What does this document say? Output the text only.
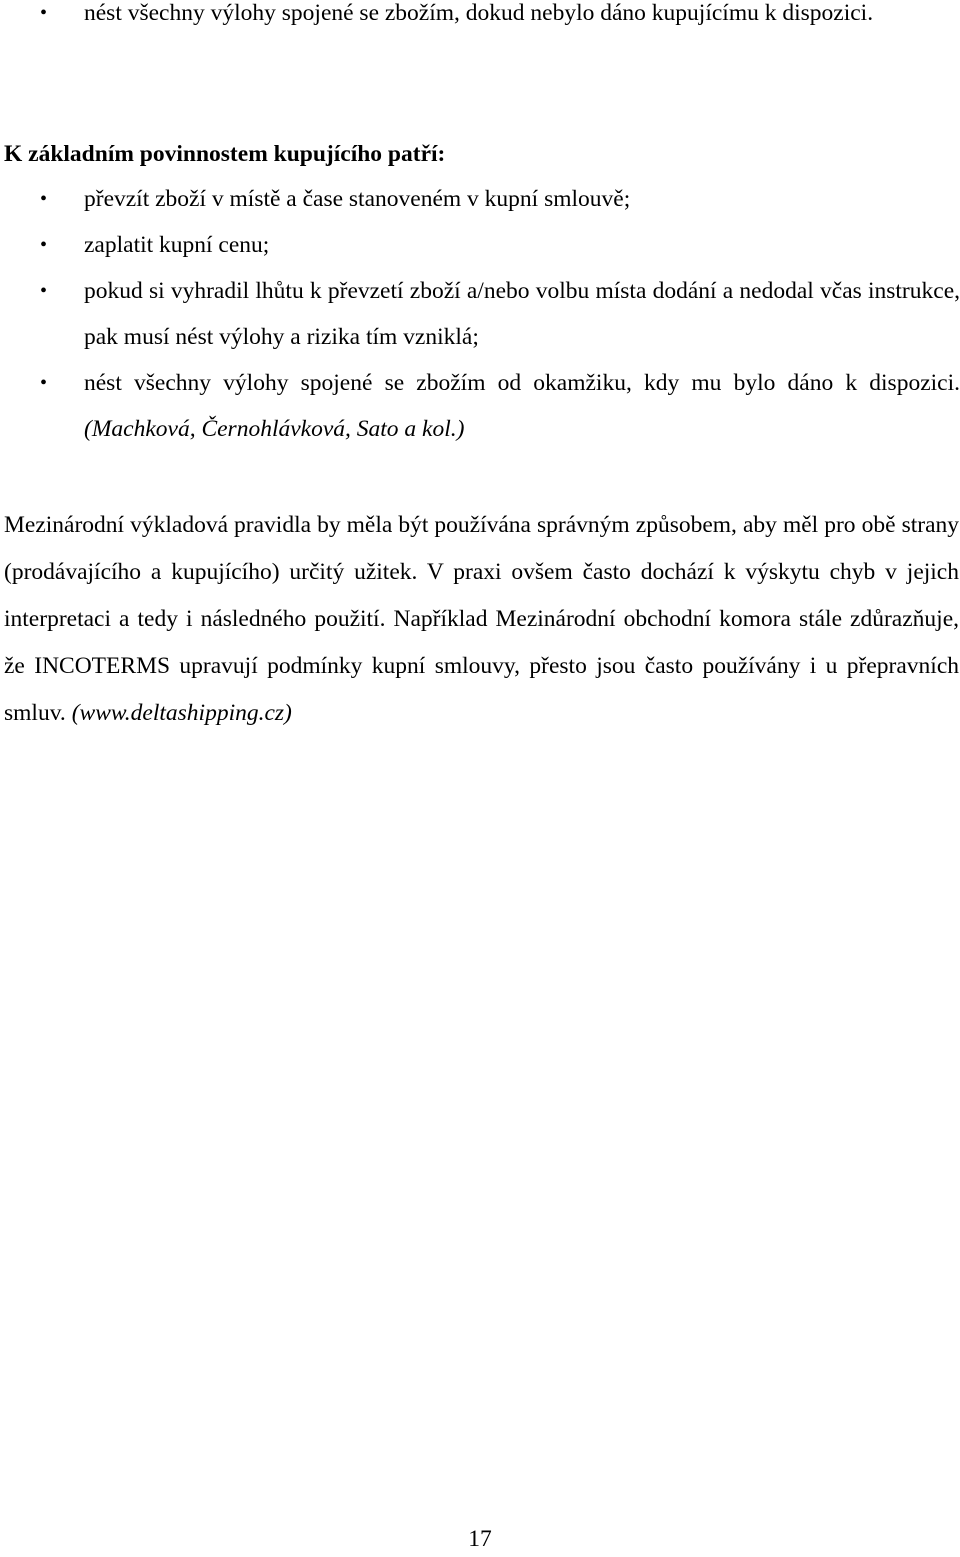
• nést všechny výlohy spojené se zbožím, dokud nebylo dáno kupujícímu k dispozici.
K základním povinnostem kupujícího patří:
• převzít zboží v místě a čase stanoveném v kupní smlouvě;
• zaplatit kupní cenu;
• pokud si vyhradil lhůtu k převzetí zboží a/nebo volbu místa dodání a nedodal včas instrukce, pak musí nést výlohy a rizika tím vzniklá;
• nést všechny výlohy spojené se zbožím od okamžiku, kdy mu bylo dáno k dispozici. (Machková, Černohlávková, Sato a kol.)

Mezinárodní výkladová pravidla by měla být používána správným způsobem, aby měl pro obě strany (prodávajícího a kupujícího) určitý užitek. V praxi ovšem často dochází k výskytu chyb v jejich interpretaci a tedy i následného použití. Například Mezinárodní obchodní komora stále zdůrazňuje, že INCOTERMS upravují podmínky kupní smlouvy, přesto jsou často používány i u přepravních smluv. (www.deltashipping.cz)

17
